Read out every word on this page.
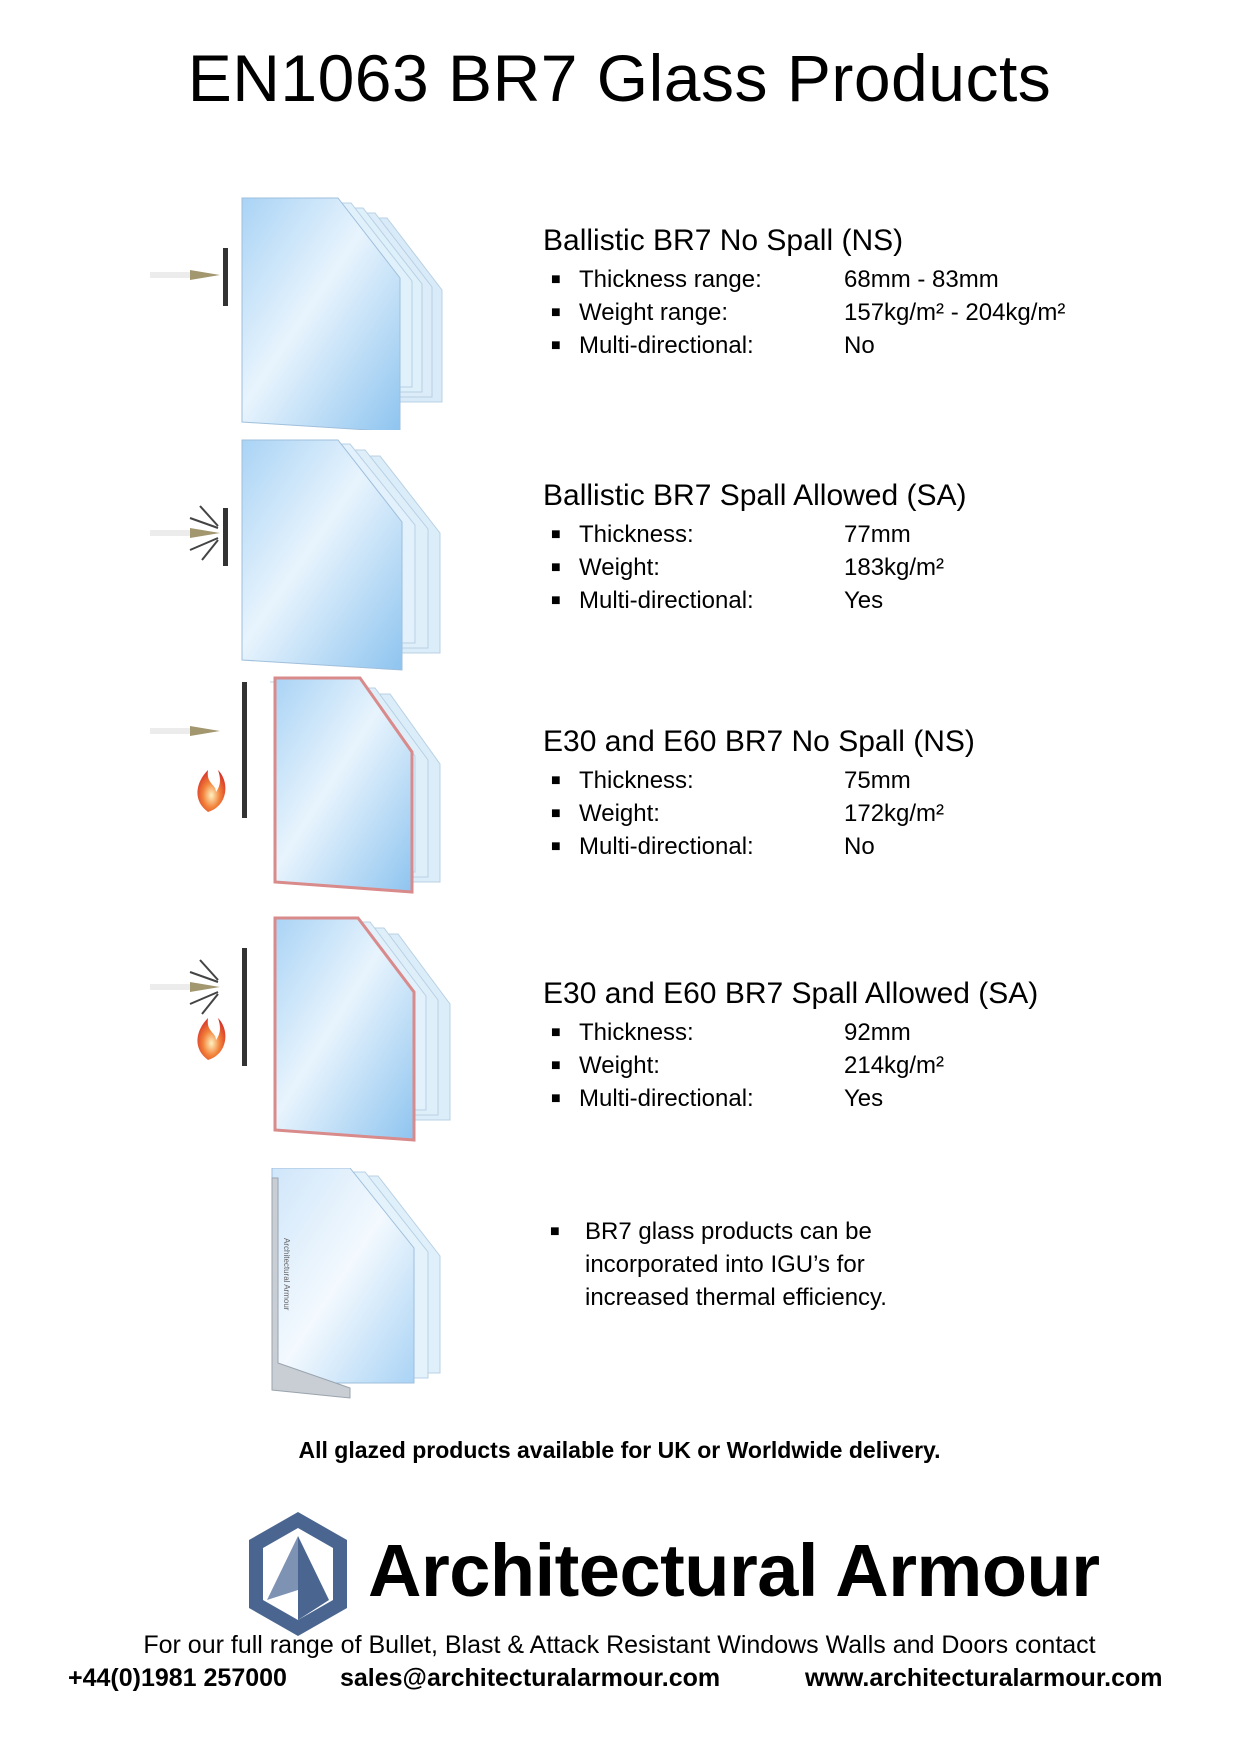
EN1063 BR7 Glass Products
Architectural Armour
Ballistic BR7 No Spall (NS)
■ Thickness range:	68mm - 83mm
■ Weight range:	157kg/m² - 204kg/m²
■ Multi-directional:	No
Ballistic BR7 Spall Allowed (SA)
■ Thickness:	77mm
■ Weight:	183kg/m²
■ Multi-directional:	Yes
E30 and E60 BR7 No Spall (NS)
■ Thickness:	75mm
■ Weight:	172kg/m²
■ Multi-directional:	No
E30 and E60 BR7 Spall Allowed (SA)
■ Thickness:	92mm
■ Weight:	214kg/m²
■ Multi-directional:	Yes
■ BR7 glass products can be incorporated into IGU’s for increased thermal efficiency.
All glazed products available for UK or Worldwide delivery.
Architectural Armour
For our full range of Bullet, Blast & Attack Resistant Windows Walls and Doors contact
+44(0)1981 257000 sales@architecturalarmour.com	www.architecturalarmour.com
